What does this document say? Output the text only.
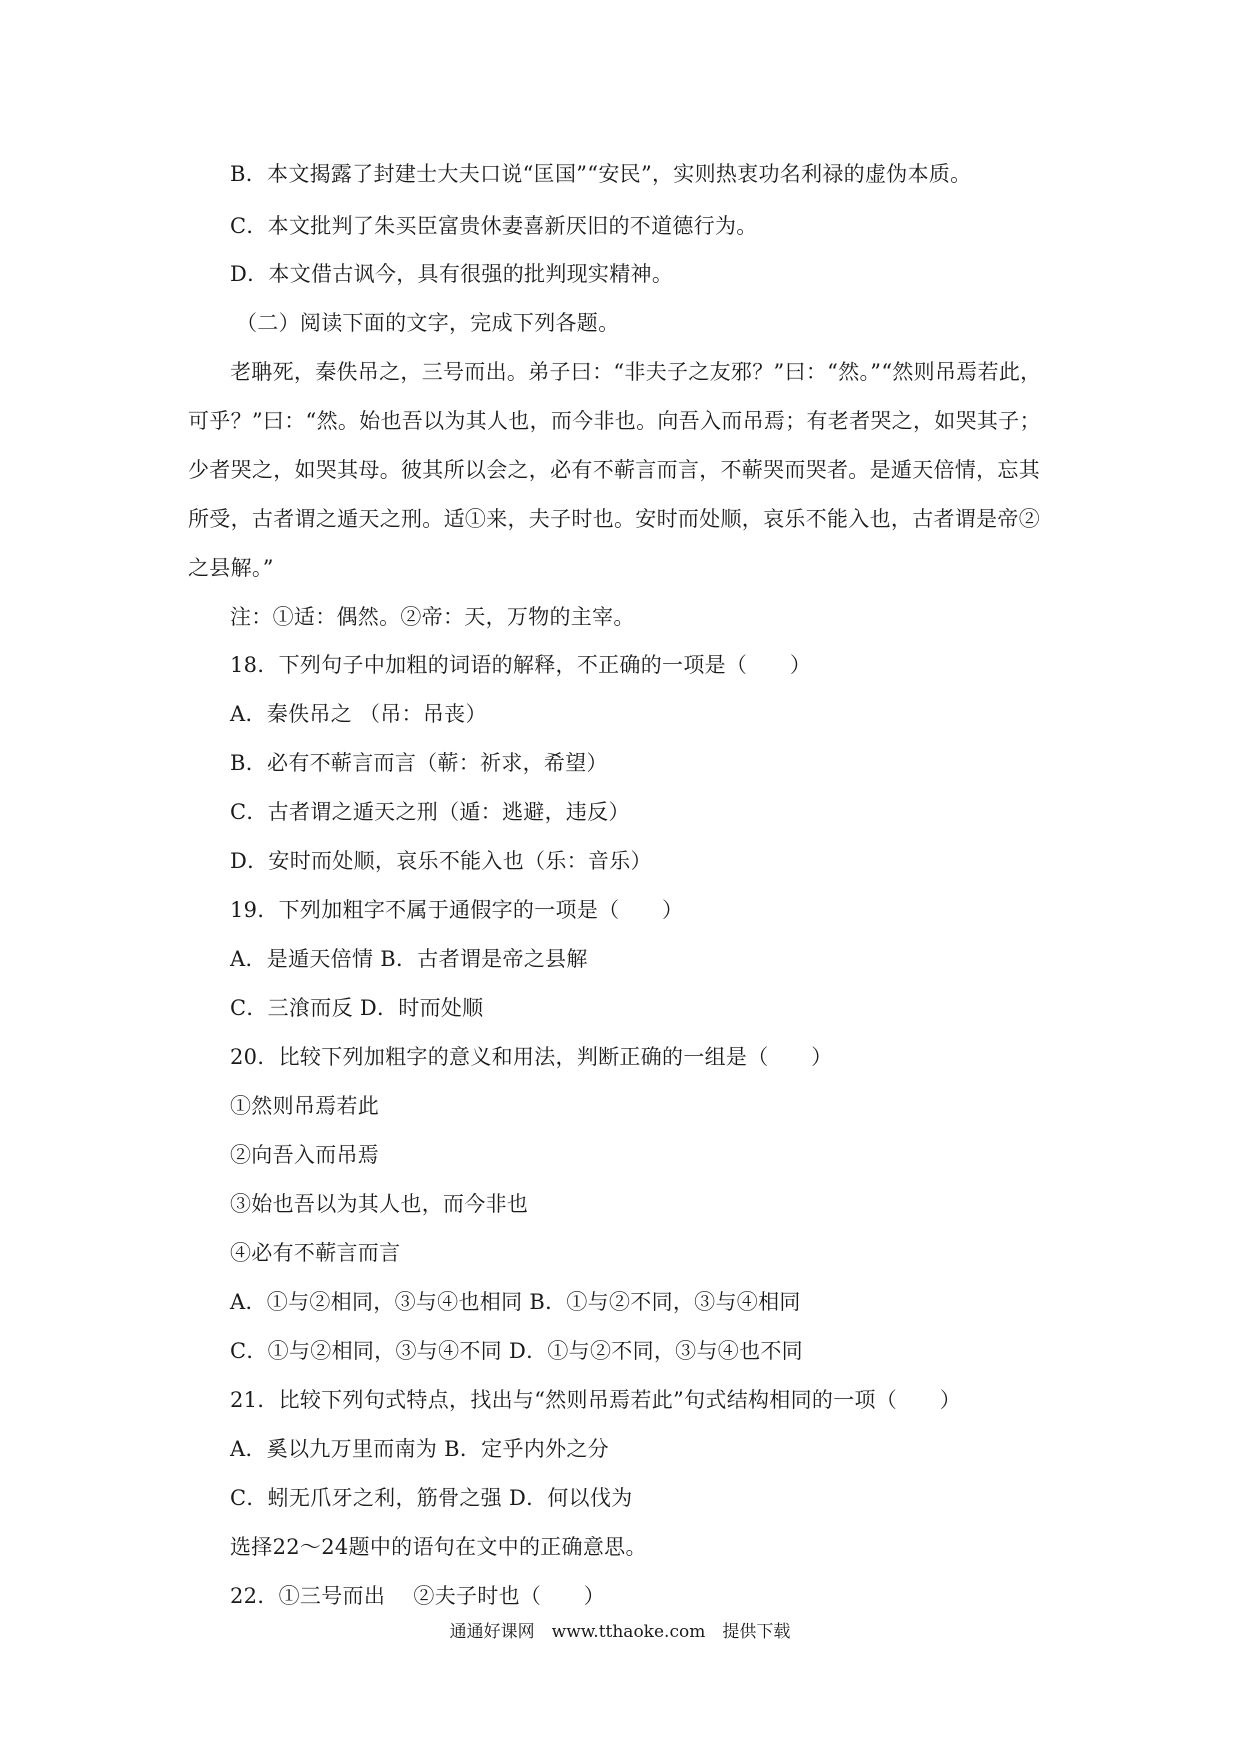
B．本文揭露了封建士大夫口说“匡国”“安民”，实则热衷功名利禄的虚伪本质。
C．本文批判了朱买臣富贵休妻喜新厌旧的不道德行为。
D．本文借古讽今，具有很强的批判现实精神。
（二）阅读下面的文字，完成下列各题。
老聃死，秦佚吊之，三号而出。弟子曰：“非夫子之友邪？”曰：“然。”“然则吊焉若此，
可乎？”曰：“然。始也吾以为其人也，而今非也。向吾入而吊焉；有老者哭之，如哭其子；
少者哭之，如哭其母。彼其所以会之，必有不蕲言而言，不蕲哭而哭者。是遁天倍情，忘其
所受，古者谓之遁天之刑。适①来，夫子时也。安时而处顺，哀乐不能入也，古者谓是帝②
之县解。”
注：①适：偶然。②帝：天，万物的主宰。
18．下列句子中加粗的词语的解释，不正确的一项是（　　）
A．秦佚吊之 （吊：吊丧）
B．必有不蕲言而言（蕲：祈求，希望）
C．古者谓之遁天之刑（遁：逃避，违反）
D．安时而处顺，哀乐不能入也（乐：音乐）
19．下列加粗字不属于通假字的一项是（　　）
A．是遁天倍情 B．古者谓是帝之县解
C．三湌而反 D．时而处顺
20．比较下列加粗字的意义和用法，判断正确的一组是（　　）
①然则吊焉若此
②向吾入而吊焉
③始也吾以为其人也，而今非也
④必有不蕲言而言
A．①与②相同，③与④也相同 B．①与②不同，③与④相同
C．①与②相同，③与④不同 D．①与②不同，③与④也不同
21．比较下列句式特点，找出与“然则吊焉若此”句式结构相同的一项（　　）
A．奚以九万里而南为 B．定乎内外之分
C．蚓无爪牙之利，筋骨之强 D．何以伐为
选择22～24题中的语句在文中的正确意思。
22．①三号而出　 ②夫子时也（　　）
通通好课网　www.tthaoke.com　提供下载
